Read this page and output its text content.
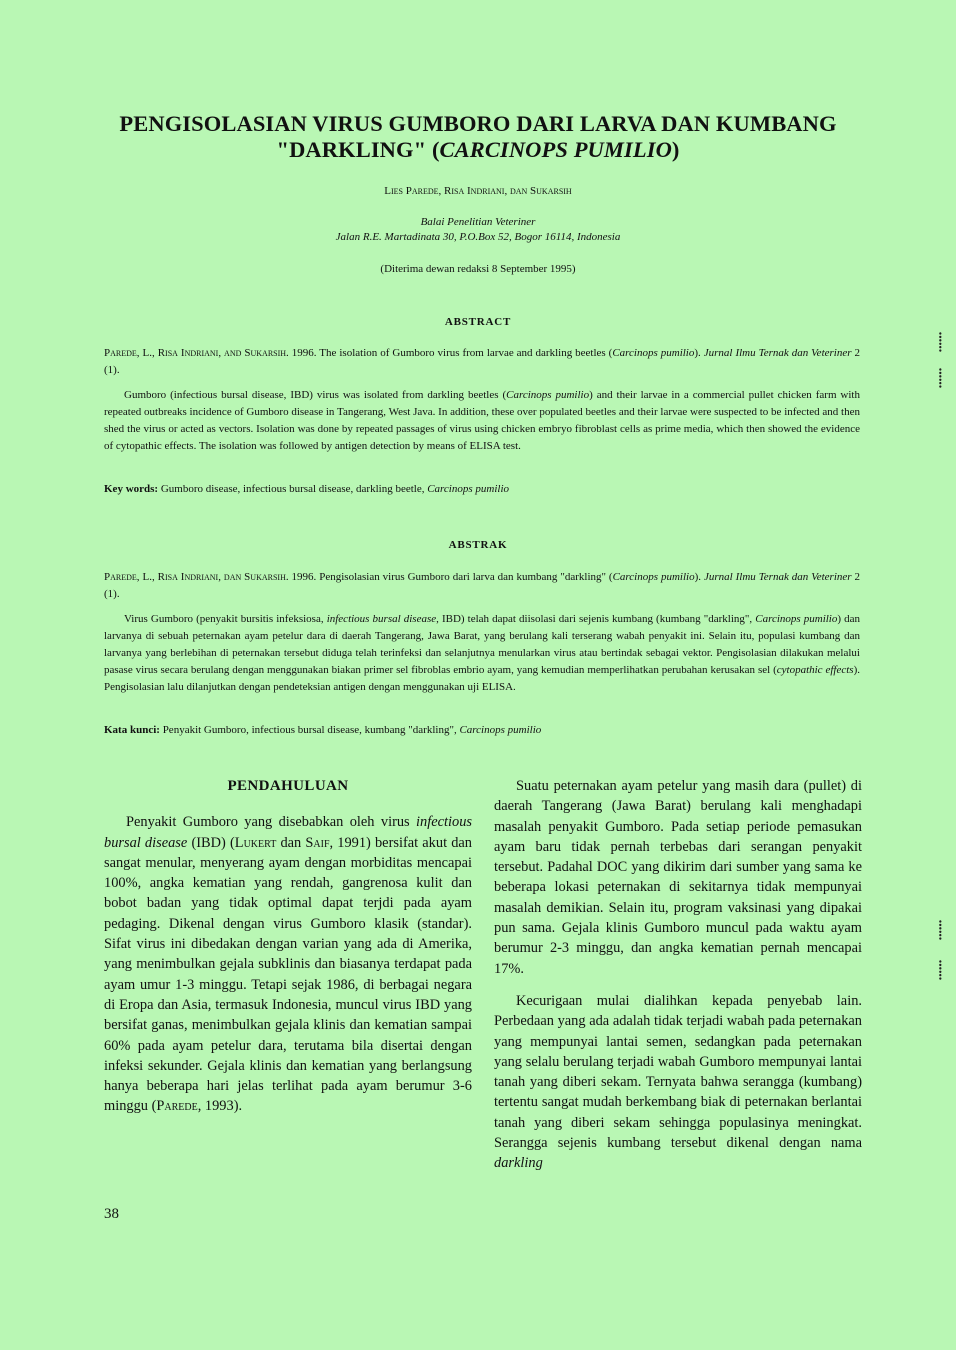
PENGISOLASIAN VIRUS GUMBORO DARI LARVA DAN KUMBANG
"DARKLING" (CARCINOPS PUMILIO)
Lies Parede, Risa Indriani, dan Sukarsih
Balai Penelitian Veteriner
Jalan R.E. Martadinata 30, P.O.Box 52, Bogor 16114, Indonesia
(Diterima dewan redaksi 8 September 1995)
ABSTRACT
Parede, L., Risa Indriani, and Sukarsih. 1996. The isolation of Gumboro virus from larvae and darkling beetles (Carcinops pumilio). Jurnal Ilmu Ternak dan Veteriner 2 (1).
Gumboro (infectious bursal disease, IBD) virus was isolated from darkling beetles (Carcinops pumilio) and their larvae in a commercial pullet chicken farm with repeated outbreaks incidence of Gumboro disease in Tangerang, West Java. In addition, these over populated beetles and their larvae were suspected to be infected and then shed the virus or acted as vectors. Isolation was done by repeated passages of virus using chicken embryo fibroblast cells as prime media, which then showed the evidence of cytopathic effects. The isolation was followed by antigen detection by means of ELISA test.
Key words: Gumboro disease, infectious bursal disease, darkling beetle, Carcinops pumilio
ABSTRAK
Parede, L., Risa Indriani, dan Sukarsih. 1996. Pengisolasian virus Gumboro dari larva dan kumbang "darkling" (Carcinops pumilio). Jurnal Ilmu Ternak dan Veteriner 2 (1).
Virus Gumboro (penyakit bursitis infeksiosa, infectious bursal disease, IBD) telah dapat diisolasi dari sejenis kumbang (kumbang "darkling", Carcinops pumilio) dan larvanya di sebuah peternakan ayam petelur dara di daerah Tangerang, Jawa Barat, yang berulang kali terserang wabah penyakit ini. Selain itu, populasi kumbang dan larvanya yang berlebihan di peternakan tersebut diduga telah terinfeksi dan selanjutnya menularkan virus atau bertindak sebagai vektor. Pengisolasian dilakukan melalui pasase virus secara berulang dengan menggunakan biakan primer sel fibroblas embrio ayam, yang kemudian memperlihatkan perubahan kerusakan sel (cytopathic effects). Pengisolasian lalu dilanjutkan dengan pendeteksian antigen dengan menggunakan uji ELISA.
Kata kunci: Penyakit Gumboro, infectious bursal disease, kumbang "darkling", Carcinops pumilio
PENDAHULUAN

Penyakit Gumboro yang disebabkan oleh virus infectious bursal disease (IBD) (Lukert dan Saif, 1991) bersifat akut dan sangat menular, menyerang ayam dengan morbiditas mencapai 100%, angka kematian yang rendah, gangrenosa kulit dan bobot badan yang tidak optimal dapat terjdi pada ayam pedaging. Dikenal dengan virus Gumboro klasik (standar). Sifat virus ini dibedakan dengan varian yang ada di Amerika, yang menimbulkan gejala subklinis dan biasanya terdapat pada ayam umur 1-3 minggu. Tetapi sejak 1986, di berbagai negara di Eropa dan Asia, termasuk Indonesia, muncul virus IBD yang bersifat ganas, menimbulkan gejala klinis dan kematian sampai 60% pada ayam petelur dara, terutama bila disertai dengan infeksi sekunder. Gejala klinis dan kematian yang berlangsung hanya beberapa hari jelas terlihat pada ayam berumur 3-6 minggu (Parede, 1993).

Suatu peternakan ayam petelur yang masih dara (pullet) di daerah Tangerang (Jawa Barat) berulang kali menghadapi masalah penyakit Gumboro. Pada setiap periode pemasukan ayam baru tidak pernah terbebas dari serangan penyakit tersebut. Padahal DOC yang dikirim dari sumber yang sama ke beberapa lokasi peternakan di sekitarnya tidak mempunyai masalah demikian. Selain itu, program vaksinasi yang dipakai pun sama. Gejala klinis Gumboro muncul pada waktu ayam berumur 2-3 minggu, dan angka kematian pernah mencapai 17%.

Kecurigaan mulai dialihkan kepada penyebab lain. Perbedaan yang ada adalah tidak terjadi wabah pada peternakan yang mempunyai lantai semen, sedangkan pada peternakan yang selalu berulang terjadi wabah Gumboro mempunyai lantai tanah yang diberi sekam. Ternyata bahwa serangga (kumbang) tertentu sangat mudah berkembang biak di peternakan berlantai tanah yang diberi sekam sehingga populasinya meningkat. Serangga sejenis kumbang tersebut dikenal dengan nama darkling

38
⸽
⸽
⸽
⸽
